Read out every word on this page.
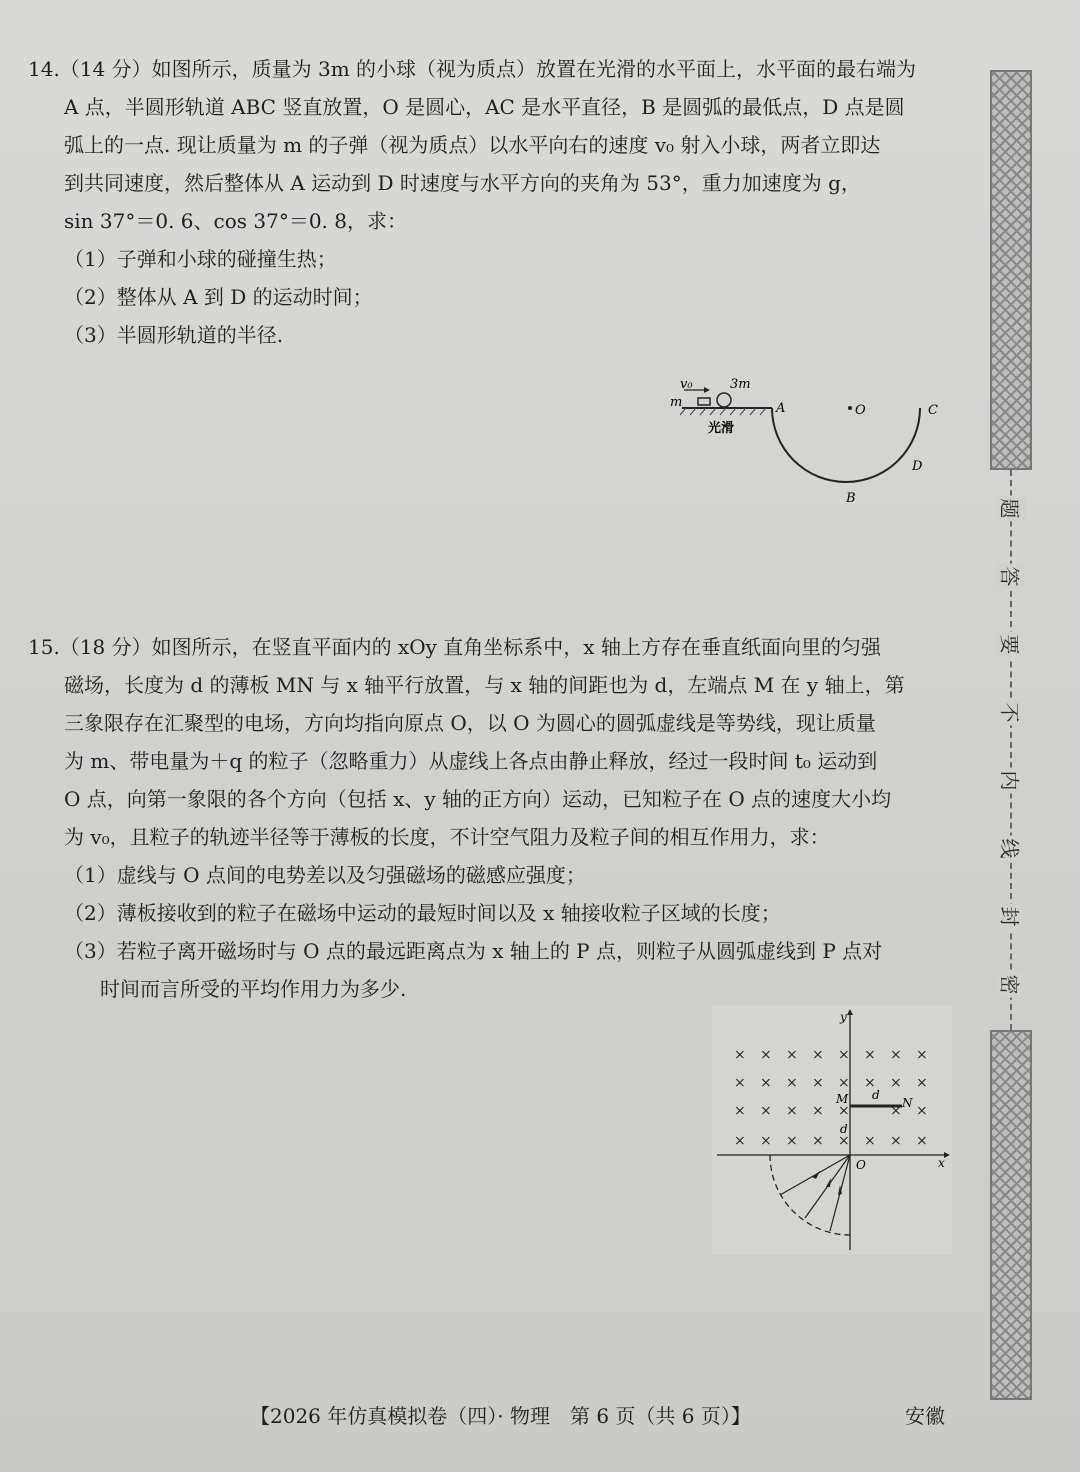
14.（14 分）如图所示，质量为 3m 的小球（视为质点）放置在光滑的水平面上，水平面的最右端为

A 点，半圆形轨道 ABC 竖直放置，O 是圆心，AC 是水平直径，B 是圆弧的最低点，D 点是圆

弧上的一点. 现让质量为 m 的子弹（视为质点）以水平向右的速度 v₀ 射入小球，两者立即达

到共同速度，然后整体从 A 运动到 D 时速度与水平方向的夹角为 53°，重力加速度为 g，

sin 37°＝0. 6、cos 37°＝0. 8，求：

（1）子弹和小球的碰撞生热；

（2）整体从 A 到 D 的运动时间；

（3）半圆形轨道的半径.

v₀	3m
m
光滑
A	O	C
D
B

15.（18 分）如图所示，在竖直平面内的 xOy 直角坐标系中，x 轴上方存在垂直纸面向里的匀强

磁场，长度为 d 的薄板 MN 与 x 轴平行放置，与 x 轴的间距也为 d，左端点 M 在 y 轴上，第

三象限存在汇聚型的电场，方向均指向原点 O，以 O 为圆心的圆弧虚线是等势线，现让质量

为 m、带电量为＋q 的粒子（忽略重力）从虚线上各点由静止释放，经过一段时间 t₀ 运动到

O 点，向第一象限的各个方向（包括 x、y 轴的正方向）运动，已知粒子在 O 点的速度大小均

为 v₀，且粒子的轨迹半径等于薄板的长度，不计空气阻力及粒子间的相互作用力，求：

（1）虚线与 O 点间的电势差以及匀强磁场的磁感应强度；

（2）薄板接收到的粒子在磁场中运动的最短时间以及 x 轴接收粒子区域的长度；

（3）若粒子离开磁场时与 O 点的最远距离点为 x 轴上的 P 点，则粒子从圆弧虚线到 P 点对

时间而言所受的平均作用力为多少.

× × × × × × × ×
× × × × × × × ×
× × × × ×	× ×
× × × × × × × ×
y
x
O
M	N
d
d
密
封
线
内
不
要
答
题
【2026 年仿真模拟卷（四）· 物理　第 6 页（共 6 页）】	安徽
